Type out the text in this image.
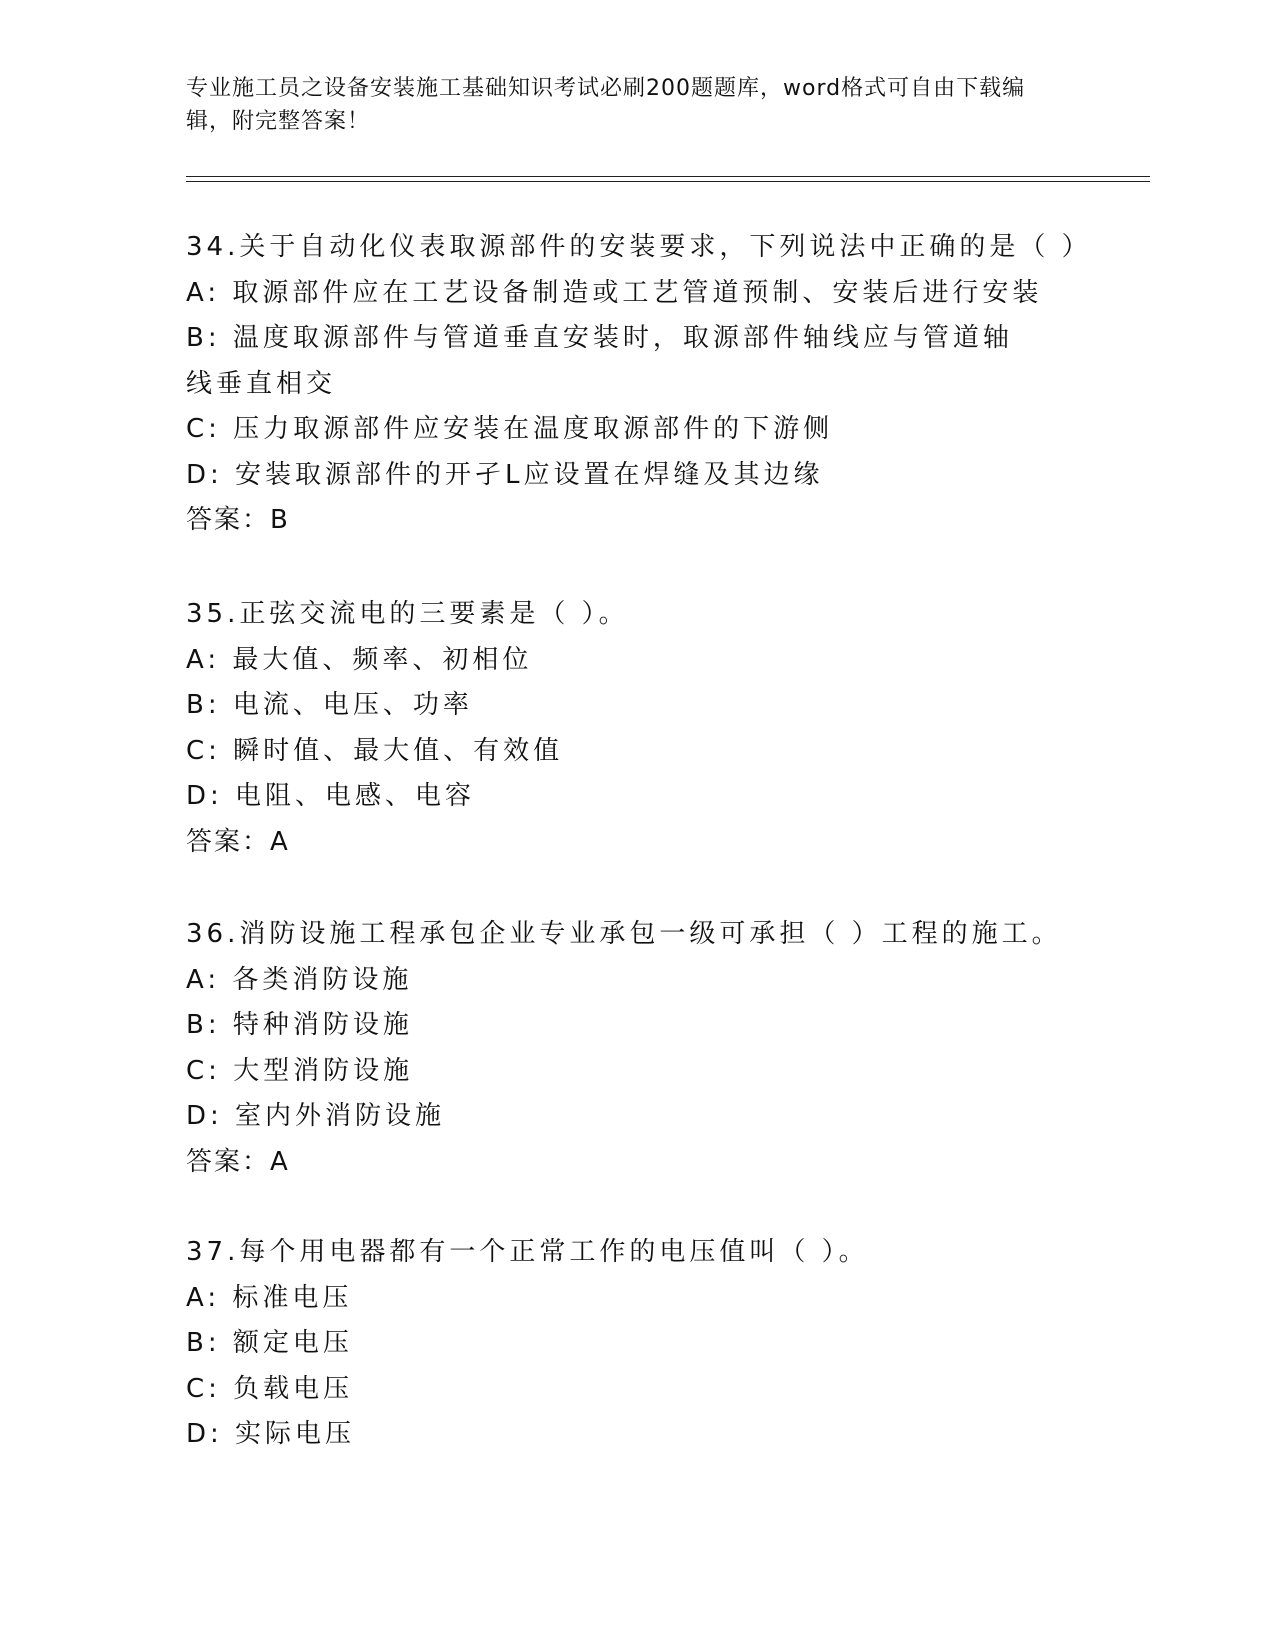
专业施工员之设备安装施工基础知识考试必刷200题题库，word格式可自由下载编辑，附完整答案！
34.关于自动化仪表取源部件的安装要求，下列说法中正确的是（ ）
A: 取源部件应在工艺设备制造或工艺管道预制、安装后进行安装
B: 温度取源部件与管道垂直安装时，取源部件轴线应与管道轴线垂直相交
C: 压力取源部件应安装在温度取源部件的下游侧
D: 安装取源部件的开孑L应设置在焊缝及其边缘
答案：B
35.正弦交流电的三要素是（ ）。
A: 最大值、频率、初相位
B: 电流、电压、功率
C: 瞬时值、最大值、有效值
D: 电阻、电感、电容
答案：A
36.消防设施工程承包企业专业承包一级可承担（ ）工程的施工。
A: 各类消防设施
B: 特种消防设施
C: 大型消防设施
D: 室内外消防设施
答案：A
37.每个用电器都有一个正常工作的电压值叫（ ）。
A: 标准电压
B: 额定电压
C: 负载电压
D: 实际电压
